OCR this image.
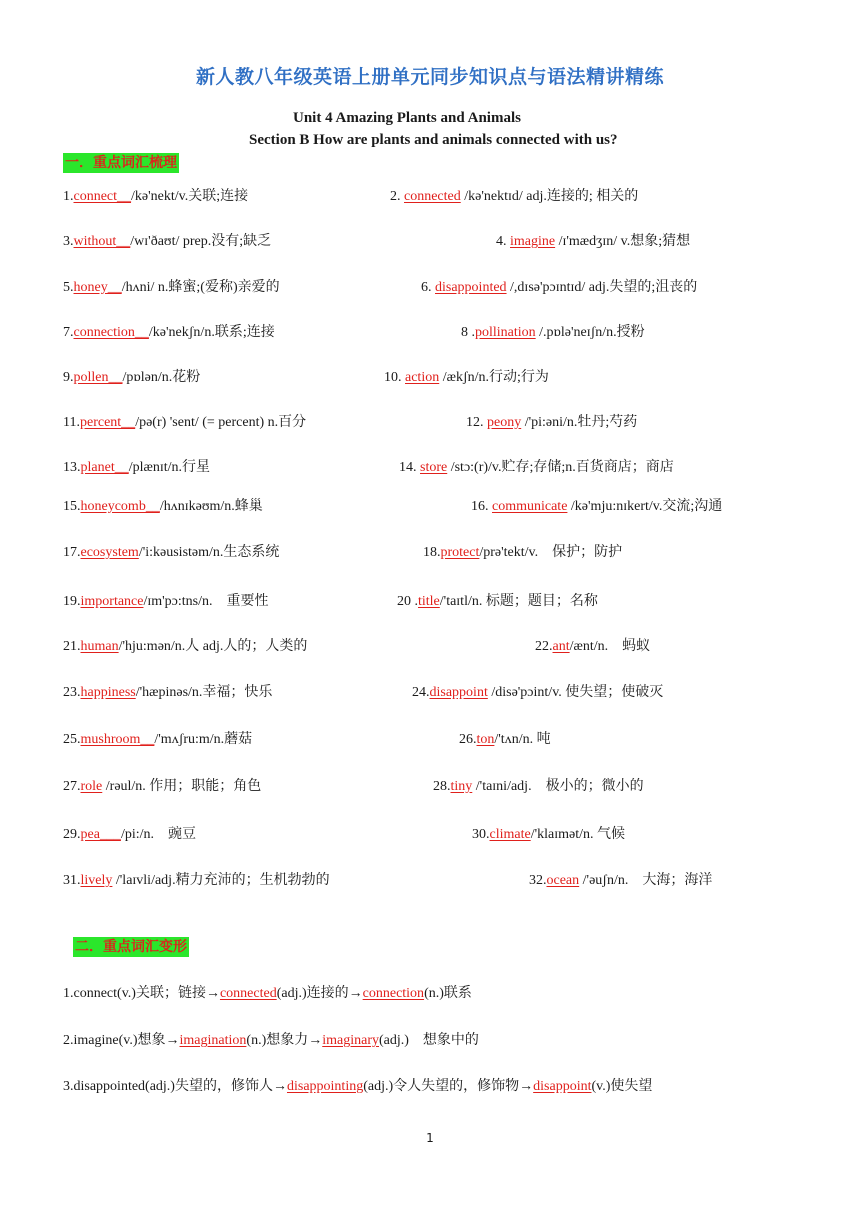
新人教八年级英语上册单元同步知识点与语法精讲精练
Unit 4 Amazing Plants and Animals
Section B How are plants and animals connected with us?
一．重点词汇梳理
1.connect__/kə'nekt/v.关联;连接	2. connected /kə'nektɪd/ adj.连接的; 相关的
3.without__/wɪ'ðaʊt/ prep.没有;缺乏	4. imagine /ɪ'mædʒɪn/ v.想象;猜想
5.honey__/hʌni/ n.蜂蜜;(爱称)亲爱的	6. disappointed /,dɪsə'pɔɪntɪd/ adj.失望的;沮丧的
7.connection__/kə'nekʃn/n.联系;连接	8 .pollination /.pɒlə'neɪʃn/n.授粉
9.pollen__/pɒlən/n.花粉	10. action /ækʃn/n.行动;行为
11.percent__/pə(r) 'sent/ (= percent) n.百分	12. peony /'pi:əni/n.牡丹;芍药
13.planet__/plænɪt/n.行星	14. store /stɔ:(r)/v.贮存;存储;n.百货商店；商店
15.honeycomb__/hʌnɪkəʊm/n.蜂巢	16. communicate /kə'mju:nɪkert/v.交流;沟通
17.ecosystem/'i:kəusistəm/n.生态系统	18.protect/prə'tekt/v.　保护；防护
19.importance/ɪm'pɔ:tns/n.　重要性	20 .title/'taɪtl/n. 标题；题目；名称
21.human/'hju:mən/n.人 adj.人的；人类的	22.ant/ænt/n.　蚂蚁
23.happiness/'hæpinəs/n.幸福；快乐	24.disappoint /disə'pɔint/v. 使失望；使破灭
25.mushroom__/'mʌʃru:m/n.蘑菇	26.ton/'tʌn/n. 吨
27.role /rəul/n. 作用；职能；角色	28.tiny /'taɪni/adj.　极小的；微小的
29.pea___/pi:/n.　豌豆	30.climate/'klaɪmət/n. 气候
31.lively /'laɪvli/adj.精力充沛的；生机勃勃的	32.ocean /'əuʃn/n.　大海；海洋
二．重点词汇变形
1.connect(v.)关联；链接→connected(adj.)连接的→connection(n.)联系
2.imagine(v.)想象→imagination(n.)想象力→imaginary(adj.)　想象中的
3.disappointed(adj.)失望的，修饰人→disappointing(adj.)令人失望的，修饰物→disappoint(v.)使失望
1
